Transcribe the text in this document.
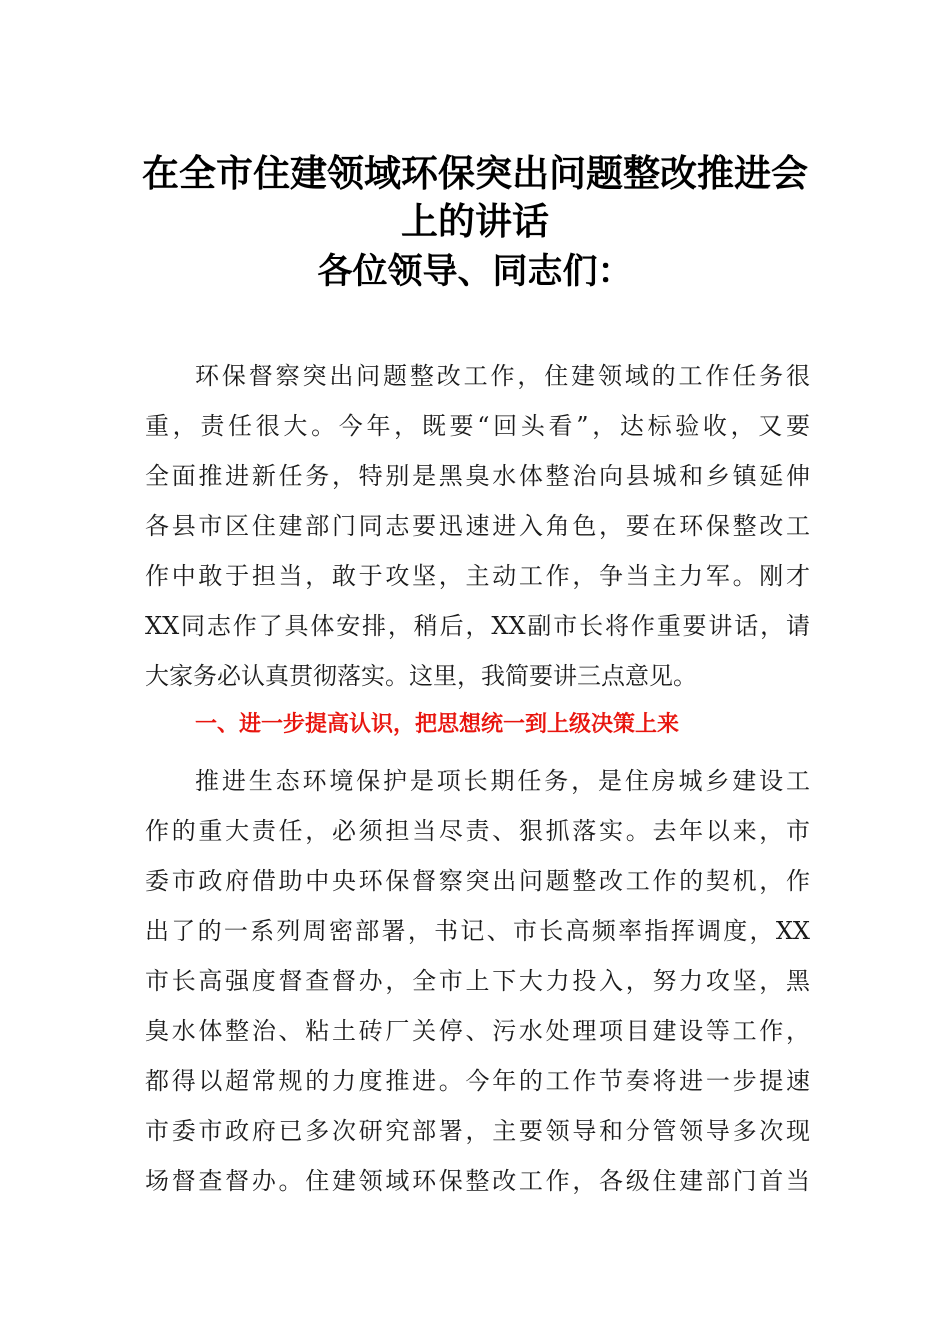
在全市住建领域环保突出问题整改推进会
上的讲话
各位领导、同志们：
环保督察突出问题整改工作，住建领域的工作任务很
重，责任很大。今年，既要“回头看”，达标验收，又要
全面推进新任务，特别是黑臭水体整治向县城和乡镇延伸
各县市区住建部门同志要迅速进入角色，要在环保整改工
作中敢于担当，敢于攻坚，主动工作，争当主力军。刚才
XX同志作了具体安排，稍后，XX副市长将作重要讲话，请
大家务必认真贯彻落实。这里，我简要讲三点意见。
一、进一步提高认识，把思想统一到上级决策上来
推进生态环境保护是项长期任务，是住房城乡建设工
作的重大责任，必须担当尽责、狠抓落实。去年以来，市
委市政府借助中央环保督察突出问题整改工作的契机，作
出了的一系列周密部署，书记、市长高频率指挥调度，XX
市长高强度督查督办，全市上下大力投入，努力攻坚，黑
臭水体整治、粘土砖厂关停、污水处理项目建设等工作，
都得以超常规的力度推进。今年的工作节奏将进一步提速
市委市政府已多次研究部署，主要领导和分管领导多次现
场督查督办。住建领域环保整改工作，各级住建部门首当
